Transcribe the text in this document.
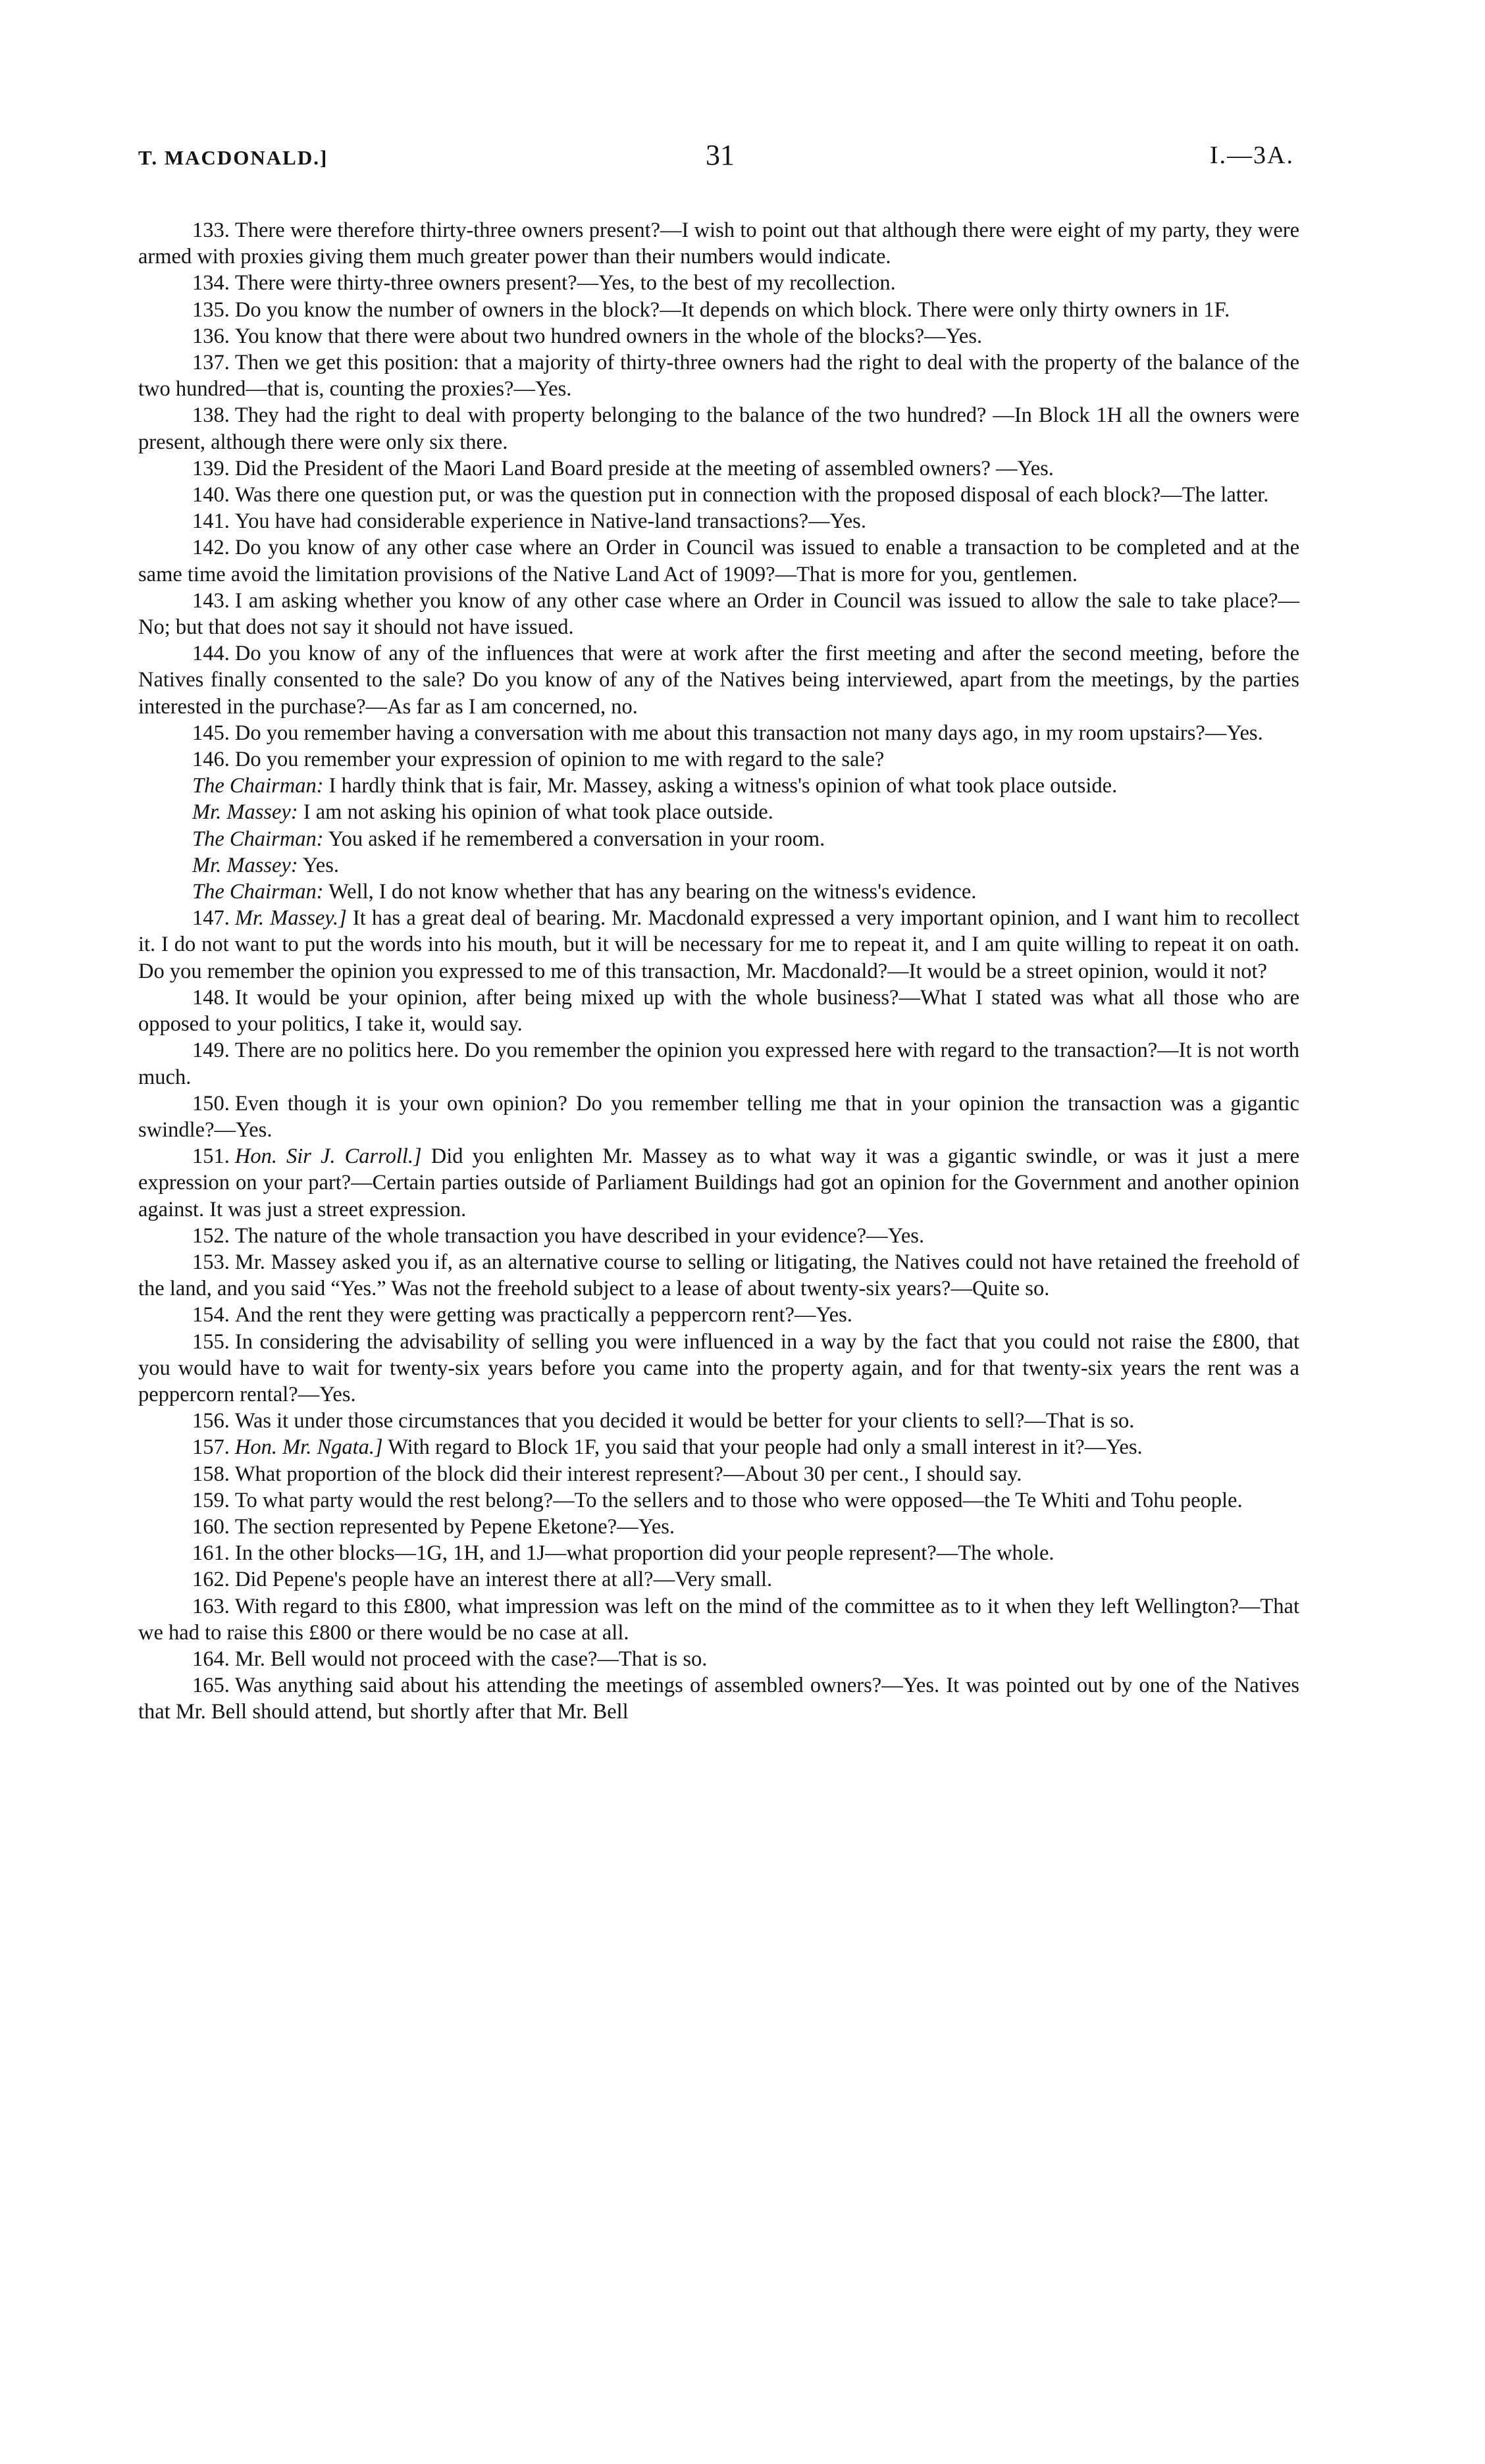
T. MACDONALD.]	31	I.—3A.

133. There were therefore thirty-three owners present?—I wish to point out that although there were eight of my party, they were armed with proxies giving them much greater power than their numbers would indicate.

134. There were thirty-three owners present?—Yes, to the best of my recollection.

135. Do you know the number of owners in the block?—It depends on which block. There were only thirty owners in 1F.

136. You know that there were about two hundred owners in the whole of the blocks?—Yes.

137. Then we get this position: that a majority of thirty-three owners had the right to deal with the property of the balance of the two hundred—that is, counting the proxies?—Yes.

138. They had the right to deal with property belonging to the balance of the two hundred? —In Block 1H all the owners were present, although there were only six there.

139. Did the President of the Maori Land Board preside at the meeting of assembled owners? —Yes.

140. Was there one question put, or was the question put in connection with the proposed disposal of each block?—The latter.

141. You have had considerable experience in Native-land transactions?—Yes.

142. Do you know of any other case where an Order in Council was issued to enable a transaction to be completed and at the same time avoid the limitation provisions of the Native Land Act of 1909?—That is more for you, gentlemen.

143. I am asking whether you know of any other case where an Order in Council was issued to allow the sale to take place?—No; but that does not say it should not have issued.

144. Do you know of any of the influences that were at work after the first meeting and after the second meeting, before the Natives finally consented to the sale? Do you know of any of the Natives being interviewed, apart from the meetings, by the parties interested in the purchase?—As far as I am concerned, no.

145. Do you remember having a conversation with me about this transaction not many days ago, in my room upstairs?—Yes.

146. Do you remember your expression of opinion to me with regard to the sale?

The Chairman: I hardly think that is fair, Mr. Massey, asking a witness's opinion of what took place outside.

Mr. Massey: I am not asking his opinion of what took place outside.

The Chairman: You asked if he remembered a conversation in your room.

Mr. Massey: Yes.

The Chairman: Well, I do not know whether that has any bearing on the witness's evidence.

147. Mr. Massey.] It has a great deal of bearing. Mr. Macdonald expressed a very important opinion, and I want him to recollect it. I do not want to put the words into his mouth, but it will be necessary for me to repeat it, and I am quite willing to repeat it on oath. Do you remember the opinion you expressed to me of this transaction, Mr. Macdonald?—It would be a street opinion, would it not?

148. It would be your opinion, after being mixed up with the whole business?—What I stated was what all those who are opposed to your politics, I take it, would say.

149. There are no politics here. Do you remember the opinion you expressed here with regard to the transaction?—It is not worth much.

150. Even though it is your own opinion? Do you remember telling me that in your opinion the transaction was a gigantic swindle?—Yes.

151. Hon. Sir J. Carroll.] Did you enlighten Mr. Massey as to what way it was a gigantic swindle, or was it just a mere expression on your part?—Certain parties outside of Parliament Buildings had got an opinion for the Government and another opinion against. It was just a street expression.

152. The nature of the whole transaction you have described in your evidence?—Yes.

153. Mr. Massey asked you if, as an alternative course to selling or litigating, the Natives could not have retained the freehold of the land, and you said “Yes.” Was not the freehold subject to a lease of about twenty-six years?—Quite so.

154. And the rent they were getting was practically a peppercorn rent?—Yes.

155. In considering the advisability of selling you were influenced in a way by the fact that you could not raise the £800, that you would have to wait for twenty-six years before you came into the property again, and for that twenty-six years the rent was a peppercorn rental?—Yes.

156. Was it under those circumstances that you decided it would be better for your clients to sell?—That is so.

157. Hon. Mr. Ngata.] With regard to Block 1F, you said that your people had only a small interest in it?—Yes.

158. What proportion of the block did their interest represent?—About 30 per cent., I should say.

159. To what party would the rest belong?—To the sellers and to those who were opposed—the Te Whiti and Tohu people.

160. The section represented by Pepene Eketone?—Yes.

161. In the other blocks—1G, 1H, and 1J—what proportion did your people represent?—The whole.

162. Did Pepene's people have an interest there at all?—Very small.

163. With regard to this £800, what impression was left on the mind of the committee as to it when they left Wellington?—That we had to raise this £800 or there would be no case at all.

164. Mr. Bell would not proceed with the case?—That is so.

165. Was anything said about his attending the meetings of assembled owners?—Yes. It was pointed out by one of the Natives that Mr. Bell should attend, but shortly after that Mr. Bell
